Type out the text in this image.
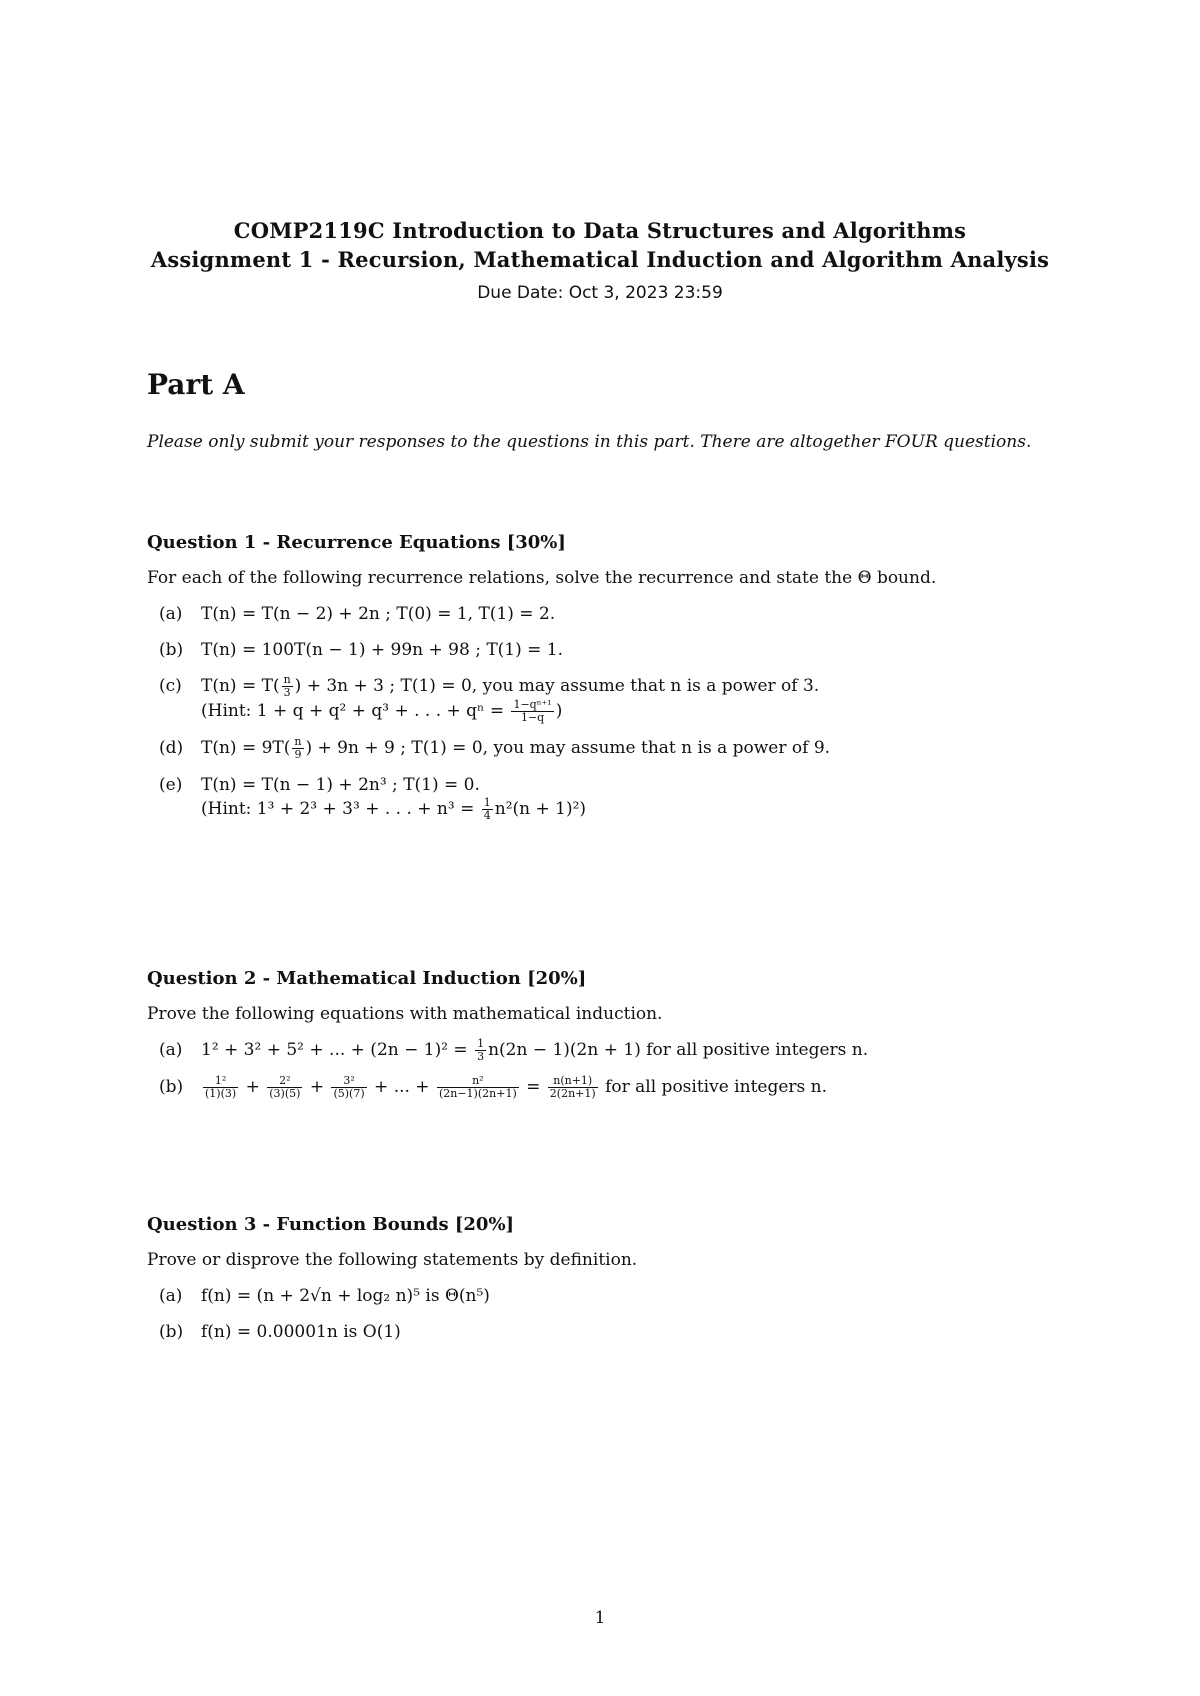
COMP2119C Introduction to Data Structures and Algorithms
Assignment 1 - Recursion, Mathematical Induction and Algorithm Analysis
Due Date: Oct 3, 2023 23:59
Part A
Please only submit your responses to the questions in this part. There are altogether FOUR questions.
Question 1 - Recurrence Equations [30%]
For each of the following recurrence relations, solve the recurrence and state the Θ bound.
(a)	T(n) = T(n − 2) + 2n ; T(0) = 1, T(1) = 2.
(b)	T(n) = 100T(n − 1) + 99n + 98 ; T(1) = 1.
(c)	$T(n) = T( \frac{n}{3}$ ) + 3n + 3 ; T(1) = 0, you may assume that n is a power of 3.
(Hint: 1 + q + q² + q³ + . . . + $q^n = \frac{\text{1−qⁿ⁺¹}}{1-q}$ )
(d)	$T(n) = 9T( \frac{n}{9}$ ) + 9n + 9 ; T(1) = 0, you may assume that n is a power of 9.
(e)	T(n) = T(n − 1) + 2n³ ; T(1) = 0.
(Hint: 1³ + 2³ + 3³ + . . . + $n^3 = \frac{1}{4} n^2(n + 1)^2$)
Question 2 - Mathematical Induction [20%]
Prove the following equations with mathematical induction.
(a)	1² + 3² + 5² + ... + $(2n - 1)^2 = \frac{1}{3} n(2n - 1)(2n + 1)$ for all positive integers n.
(b)	$\frac{\text{1²}}{(1)(3)} + \frac{\text{2²}}{(3)(5)} + \frac{\text{3²}}{(5)(7)}$ + ... + $\frac{\text{n²}}{(2n-1)(2n+1)} = \frac{n(n+1)}{2(2n+1)}$ for all positive integers n.
Question 3 - Function Bounds [20%]
Prove or disprove the following statements by definition.
(a)	f(n) = (n + 2√n + log₂ n)⁵ is Θ(n⁵)
(b)	f(n) = 0.00001n is O(1)
1
